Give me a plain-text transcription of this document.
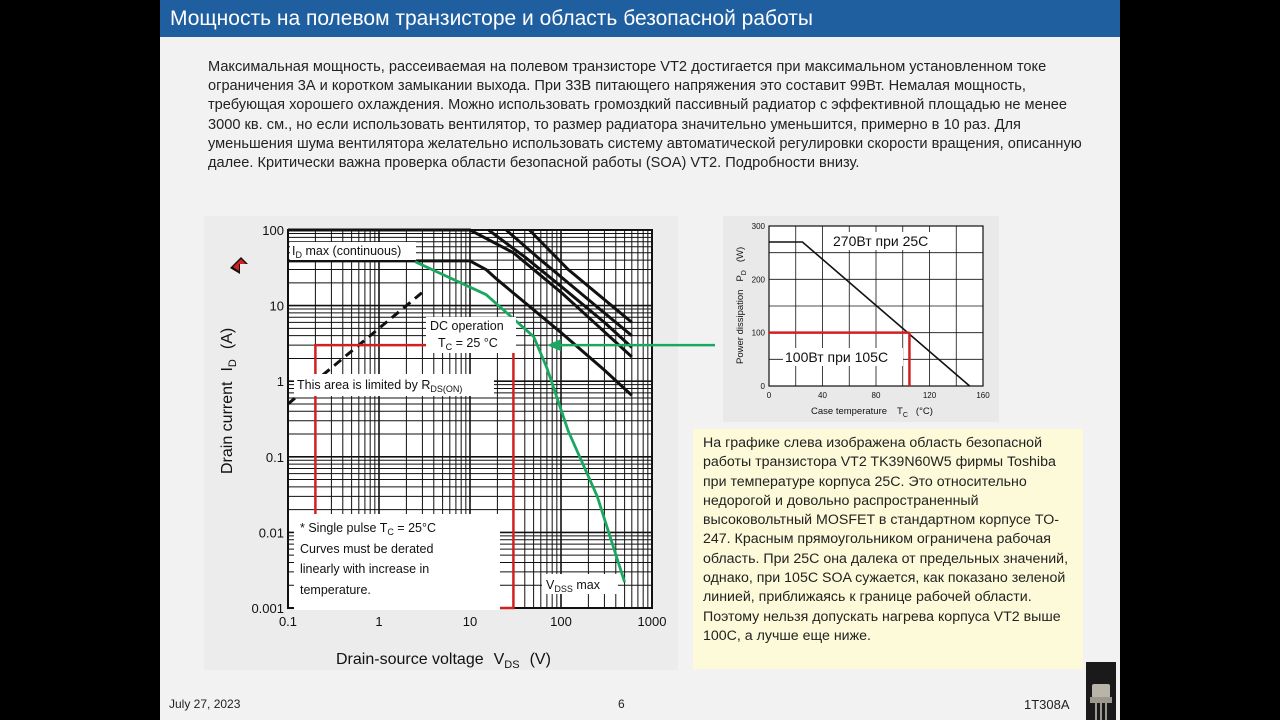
Мощность на полевом транзисторе и область безопасной работы
Максимальная мощность, рассеиваемая на полевом транзисторе VT2 достигается при максимальном установленном токе ограничения 3А и коротком замыкании выхода. При 33В питающего напряжения это составит 99Вт. Немалая мощность, требующая хорошего охлаждения. Можно использовать громоздкий пассивный радиатор с эффективной площадью не менее 3000 кв. см., но если использовать вентилятор, то размер радиатора значительно уменьшится, примерно в 10 раз. Для уменьшения шума вентилятора желательно использовать систему автоматической регулировки скорости вращения, описанную далее. Критически важна проверка области безопасной работы (SOA) VT2. Подробности внизу.
0.1	1	10	100	1000
0.001
0.01
0.1
1
10
100
$I_D$ max (continuous)
DC operation
$T_C = 25$ °C
This area is limited by $R_{DS(ON)}$
* Single pulse $T_C = 25^\circ C$
Curves must be derated
linearly with increase in
temperature.	$V_{DSS}$ max
Drain-source voltage $V_{DS}$ (V)
Drain currentI$_D$(A)
0	40	80	120	160
0
100
200
300
270Вт при 25С
100Вт при 105С
Case temperature $T_C$ (°C)
Power dissipationP$_D$(W)
На графике слева изображена область безопасной работы транзистора VT2 TK39N60W5 фирмы Toshiba при температуре корпуса 25С. Это относительно недорогой и довольно распространенный высоковольтный MOSFET в стандартном корпусе TO-247. Красным прямоугольником ограничена рабочая область. При 25С она далека от предельных значений, однако, при 105С SOA сужается, как показано зеленой линией, приближаясь к границе рабочей области. Поэтому нельзя допускать нагрева корпуса VT2 выше 100С, а лучше еще ниже.
July 27, 2023	6	1T308A
